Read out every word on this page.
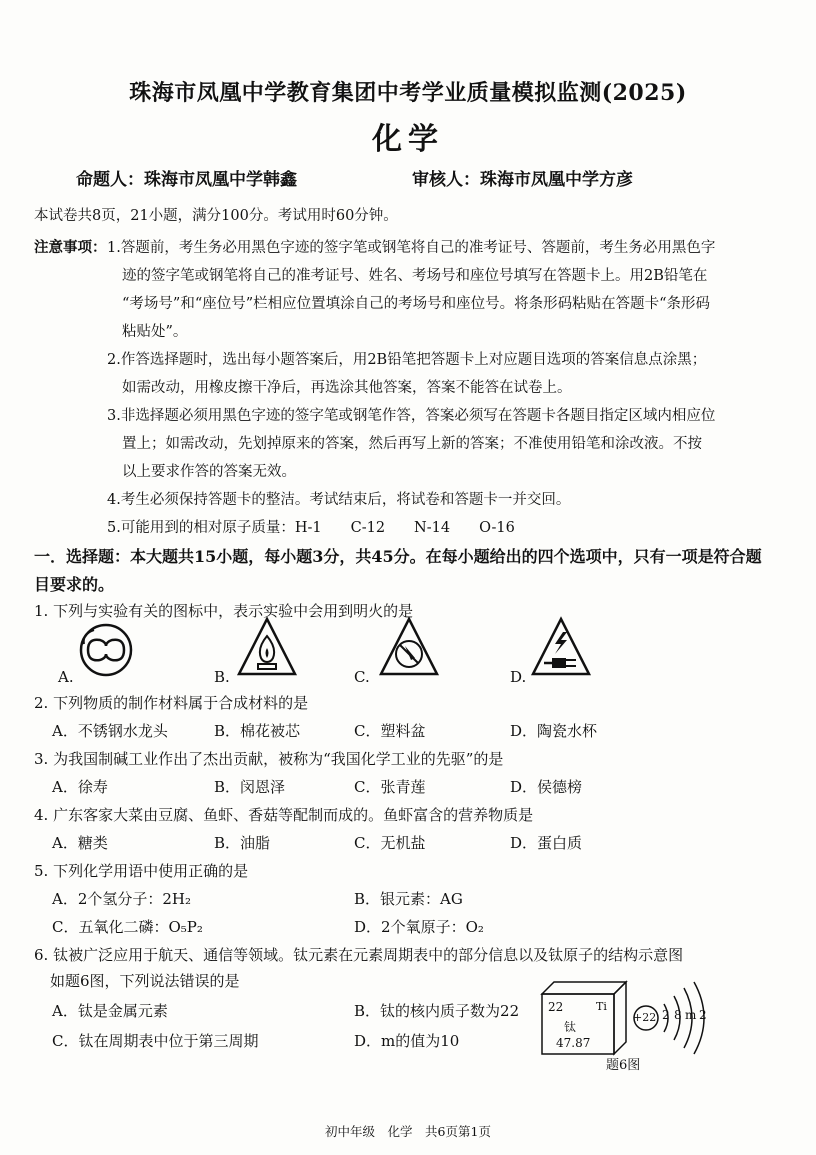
珠海市凤凰中学教育集团中考学业质量模拟监测(2025)
化学
命题人：珠海市凤凰中学韩鑫	审核人：珠海市凤凰中学方彦
本试卷共8页，21小题，满分100分。考试用时60分钟。
注意事项： 1.答题前，考生务必用黑色字迹的签字笔或钢笔将自己的准考证号、答题前，考生务必用黑色字
迹的签字笔或钢笔将自己的准考证号、姓名、考场号和座位号填写在答题卡上。用2B铅笔在
“考场号”和“座位号”栏相应位置填涂自己的考场号和座位号。将条形码粘贴在答题卡“条形码
粘贴处”。
2.作答选择题时，选出每小题答案后，用2B铅笔把答题卡上对应题目选项的答案信息点涂黑；
如需改动，用橡皮擦干净后，再选涂其他答案，答案不能答在试卷上。
3.非选择题必须用黑色字迹的签字笔或钢笔作答，答案必须写在答题卡各题目指定区域内相应位
置上；如需改动，先划掉原来的答案，然后再写上新的答案；不准使用铅笔和涂改液。不按
以上要求作答的答案无效。
4.考生必须保持答题卡的整洁。考试结束后，将试卷和答题卡一并交回。
5.可能用到的相对原子质量：H-1　　C-12　　N-14　　O-16
一．选择题：本大题共15小题，每小题3分，共45分。在每小题给出的四个选项中，只有一项是符合题
目要求的。
1. 下列与实验有关的图标中，表示实验中会用到明火的是
A.	B.	C.	D.
2. 下列物质的制作材料属于合成材料的是
A．不锈钢水龙头	B．棉花被芯	C．塑料盆	D．陶瓷水杯
3. 为我国制碱工业作出了杰出贡献，被称为“我国化学工业的先驱”的是
A．徐寿	B．闵恩泽	C．张青莲	D．侯德榜
4. 广东客家大菜由豆腐、鱼虾、香菇等配制而成的。鱼虾富含的营养物质是
A．糖类	B．油脂	C．无机盐	D．蛋白质
5. 下列化学用语中使用正确的是
A．2个氢分子：2H₂	B．银元素：AG
C．五氧化二磷：O₅P₂	D．2个氧原子：O₂
6. 钛被广泛应用于航天、通信等领域。钛元素在元素周期表中的部分信息以及钛原子的结构示意图
如题6图，下列说法错误的是
A．钛是金属元素	B．钛的核内质子数为22
C．钛在周期表中位于第三周期	D．m的值为10
22	Ti
钛
47.87
+22 2 8 m 2
题6图
初中年级　化学　共6页第1页
